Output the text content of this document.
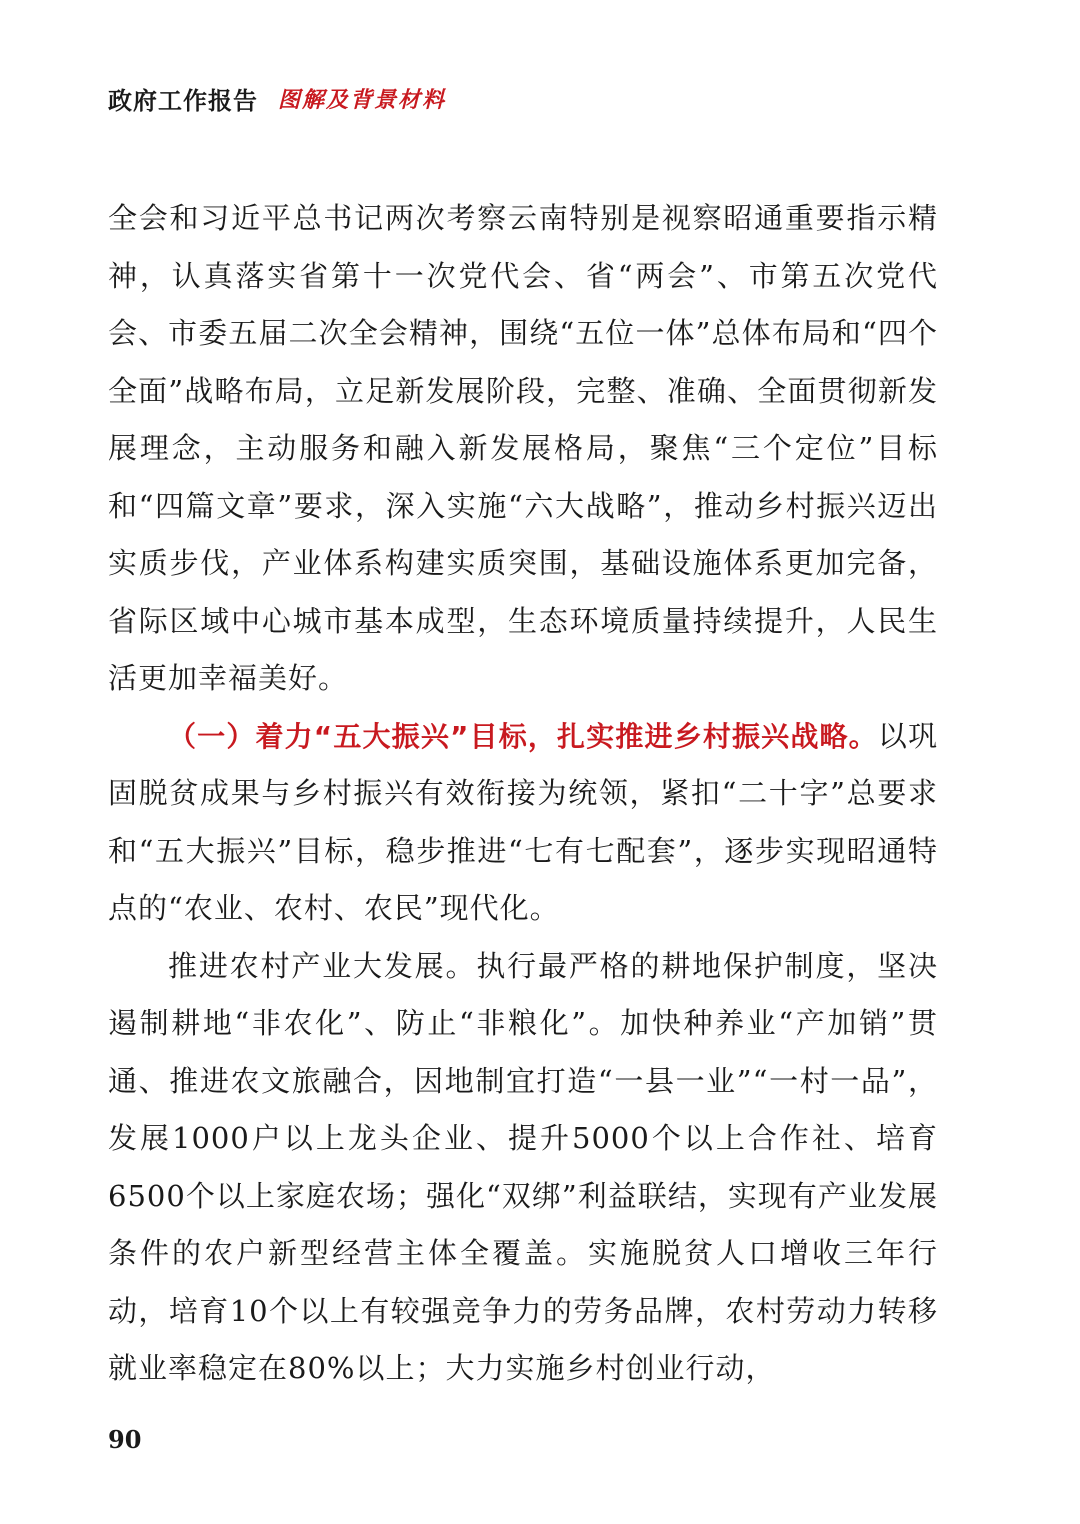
政府工作报告 图解及背景材料

全会和习近平总书记两次考察云南特别是视察昭通重要指示精神，认真落实省第十一次党代会、省“两会”、市第五次党代会、市委五届二次全会精神，围绕“五位一体”总体布局和“四个全面”战略布局，立足新发展阶段，完整、准确、全面贯彻新发展理念，主动服务和融入新发展格局，聚焦“三个定位”目标和“四篇文章”要求，深入实施“六大战略”，推动乡村振兴迈出实质步伐，产业体系构建实质突围，基础设施体系更加完备，省际区域中心城市基本成型，生态环境质量持续提升，人民生活更加幸福美好。

（一）着力“五大振兴”目标，扎实推进乡村振兴战略。以巩固脱贫成果与乡村振兴有效衔接为统领，紧扣“二十字”总要求和“五大振兴”目标，稳步推进“七有七配套”，逐步实现昭通特点的“农业、农村、农民”现代化。

推进农村产业大发展。执行最严格的耕地保护制度，坚决遏制耕地“非农化”、防止“非粮化”。加快种养业“产加销”贯通、推进农文旅融合，因地制宜打造“一县一业”“一村一品”，发展1000户以上龙头企业、提升5000个以上合作社、培育6500个以上家庭农场；强化“双绑”利益联结，实现有产业发展条件的农户新型经营主体全覆盖。实施脱贫人口增收三年行动，培育10个以上有较强竞争力的劳务品牌，农村劳动力转移就业率稳定在80%以上；大力实施乡村创业行动，

90
